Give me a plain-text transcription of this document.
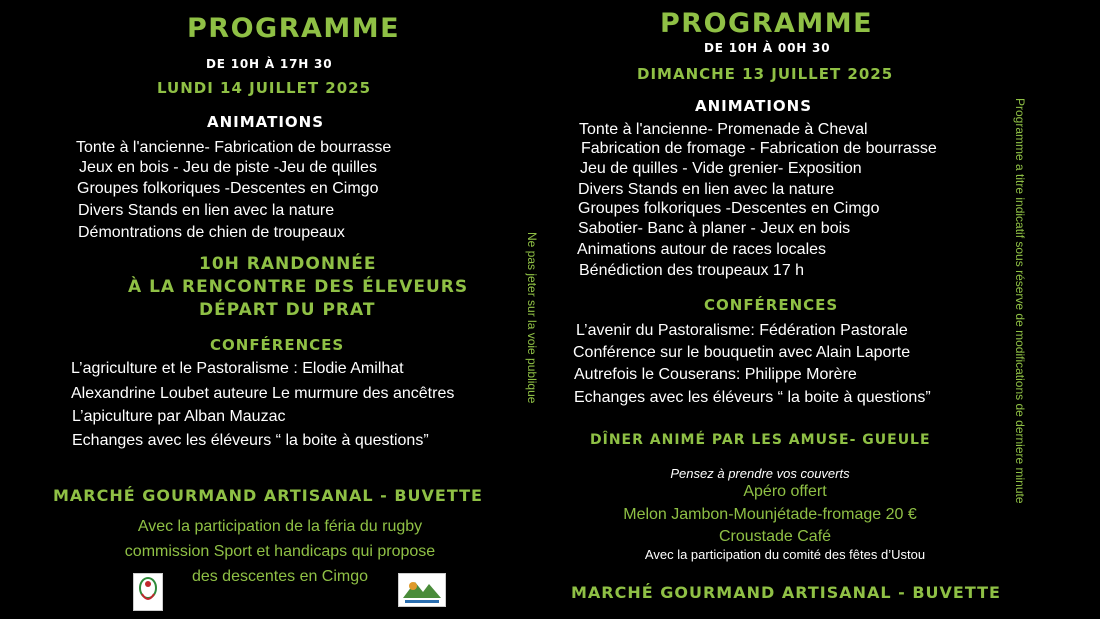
PROGRAMME
DE 10H À 17H 30
LUNDI 14 JUILLET 2025
ANIMATIONS
Tonte à l'ancienne- Fabrication de bourrasse
Jeux en bois - Jeu de piste -Jeu de quilles
Groupes folkoriques -Descentes en Cimgo
Divers Stands en lien avec la nature
Démontrations de chien de troupeaux
10H RANDONNÉE
À LA RENCONTRE DES ÉLEVEURS
DÉPART DU PRAT
CONFÉRENCES
L’agriculture et le Pastoralisme : Elodie Amilhat
Alexandrine Loubet auteure Le murmure des ancêtres
L’apiculture par Alban Mauzac
Echanges avec les éléveurs “ la boite à questions”
MARCHÉ GOURMAND ARTISANAL - BUVETTE
Avec la participation de la féria du rugby
commission Sport et handicaps qui propose
des descentes en Cimgo
Ne pas jeter sur la voie publique
PROGRAMME
DE 10H À 00H 30
DIMANCHE 13 JUILLET 2025
ANIMATIONS
Tonte à l'ancienne- Promenade à Cheval
Fabrication de fromage - Fabrication de bourrasse
Jeu de quilles - Vide grenier- Exposition
Divers Stands en lien avec la nature
Groupes folkoriques -Descentes en Cimgo
Sabotier- Banc à planer - Jeux en bois
Animations autour de races locales
Bénédiction des troupeaux 17 h
CONFÉRENCES
L’avenir du Pastoralisme: Fédération Pastorale
Conférence sur le bouquetin avec Alain Laporte
Autrefois le Couserans: Philippe Morère
Echanges avec les éléveurs “ la boite à questions”
DÎNER ANIMÉ PAR LES AMUSE- GUEULE
Pensez à prendre vos couverts
Apéro offert
Melon Jambon-Mounjétade-fromage 20 €
Croustade Café
Avec la participation du comité des fêtes d’Ustou
MARCHÉ GOURMAND ARTISANAL - BUVETTE
Programme a titre indicatif sous réserve de modifications de derniere minute
